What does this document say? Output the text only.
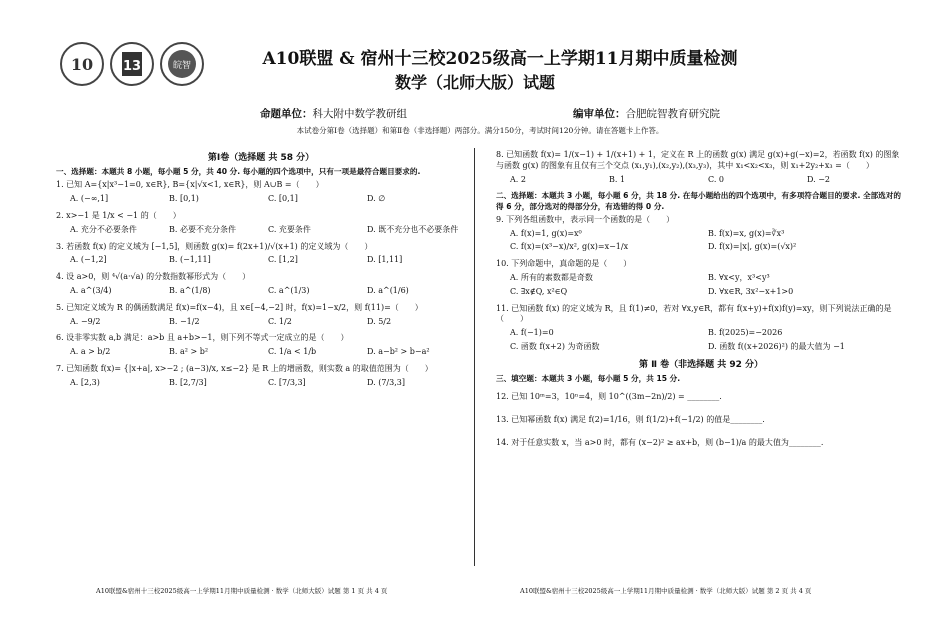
10 13	皖智	A10联盟 & 宿州十三校2025级高一上学期11月期中质量检测
数学（北师大版）试题
命题单位：科大附中数学教研组	编审单位：合肥皖智教育研究院
本试卷分第Ⅰ卷（选择题）和第Ⅱ卷（非选择题）两部分。满分150分，考试时间120分钟。请在答题卡上作答。
第Ⅰ卷（选择题 共 58 分）
一、选择题：本题共 8 小题，每小题 5 分，共 40 分. 每小题的四个选项中，只有一项是最符合题目要求的.
1. 已知 A={x|x³−1=0, x∈R}, B={x|√x<1, x∈R}，则 A∪B =（　　）
A. (−∞,1]	B. [0,1)	C. [0,1]	D. ∅
2. x>−1 是 1/x < −1 的（　　）
A. 充分不必要条件	B. 必要不充分条件	C. 充要条件	D. 既不充分也不必要条件
3. 若函数 f(x) 的定义域为 [−1,5]，则函数 g(x)= f(2x+1)/√(x+1) 的定义域为（　　）
A. (−1,2]	B. (−1,11]	C. [1,2]	D. [1,11]
4. 设 a>0，则 ⁴√(a·√a) 的分数指数幂形式为（　　）
A. a^(3/4)	B. a^(1/8)	C. a^(1/3)	D. a^(1/6)
5. 已知定义域为 R 的偶函数满足 f(x)=f(x−4)，且 x∈[−4,−2] 时，f(x)=1−x/2，则 f(11)=（　　）
A. −9/2	B. −1/2	C. 1/2	D. 5/2
6. 设非零实数 a,b 满足：a>b 且 a+b>−1，则下列不等式一定成立的是（　　）
A. a > b/2	B. a² > b²	C. 1/a < 1/b	D. a−b² > b−a²
7. 已知函数 f(x)= {|x+a|, x>−2 ; (a−3)/x, x≤−2} 是 R 上的增函数，则实数 a 的取值范围为（　　）
A. [2,3)	B. [2,7/3]	C. [7/3,3]	D. (7/3,3]
8. 已知函数 f(x)= 1/(x−1) + 1/(x+1) + 1，定义在 R 上的函数 g(x) 满足 g(x)+g(−x)=2，若函数 f(x) 的图象与函数 g(x) 的图象有且仅有三个交点 (x₁,y₁),(x₂,y₂),(x₃,y₃)，其中 x₁<x₂<x₃，则 x₁+2y₂+x₃ =（　　）
A. 2	B. 1	C. 0	D. −2
二、选择题：本题共 3 小题，每小题 6 分，共 18 分. 在每小题给出的四个选项中，有多项符合题目的要求. 全部选对的得 6 分，部分选对的得部分分，有选错的得 0 分.
9. 下列各组函数中，表示同一个函数的是（　　）
A. f(x)=1, g(x)=x⁰	B. f(x)=x, g(x)=∛x³
C. f(x)=(x³−x)/x², g(x)=x−1/x	D. f(x)=|x|, g(x)=(√x)²
10. 下列命题中，真命题的是（　　）
A. 所有的素数都是奇数	B. ∀x<y，x³<y³
C. ∃x∉Q, x²∈Q	D. ∀x∈R, 3x²−x+1>0
11. 已知函数 f(x) 的定义域为 R，且 f(1)≠0，若对 ∀x,y∈R，都有 f(x+y)+f(x)f(y)=xy，则下列说法正确的是（　　）
A. f(−1)=0	B. f(2025)=−2026
C. 函数 f(x+2) 为奇函数	D. 函数 f((x+2026)²) 的最大值为 −1
第 Ⅱ 卷（非选择题 共 92 分）
三、填空题：本题共 3 小题，每小题 5 分，共 15 分.
12. 已知 10ᵐ=3，10ⁿ=4，则 10^((3m−2n)/2) = ________.
13. 已知幂函数 f(x) 满足 f(2)=1/16，则 f(1/2)+f(−1/2) 的值是________.
14. 对于任意实数 x，当 a>0 时，都有 (x−2)² ≥ ax+b，则 (b−1)/a 的最大值为________.
A10联盟&宿州十三校2025级高一上学期11月期中质量检测 · 数学（北师大版）试题 第 1 页 共 4 页	A10联盟&宿州十三校2025级高一上学期11月期中质量检测 · 数学（北师大版）试题 第 2 页 共 4 页
